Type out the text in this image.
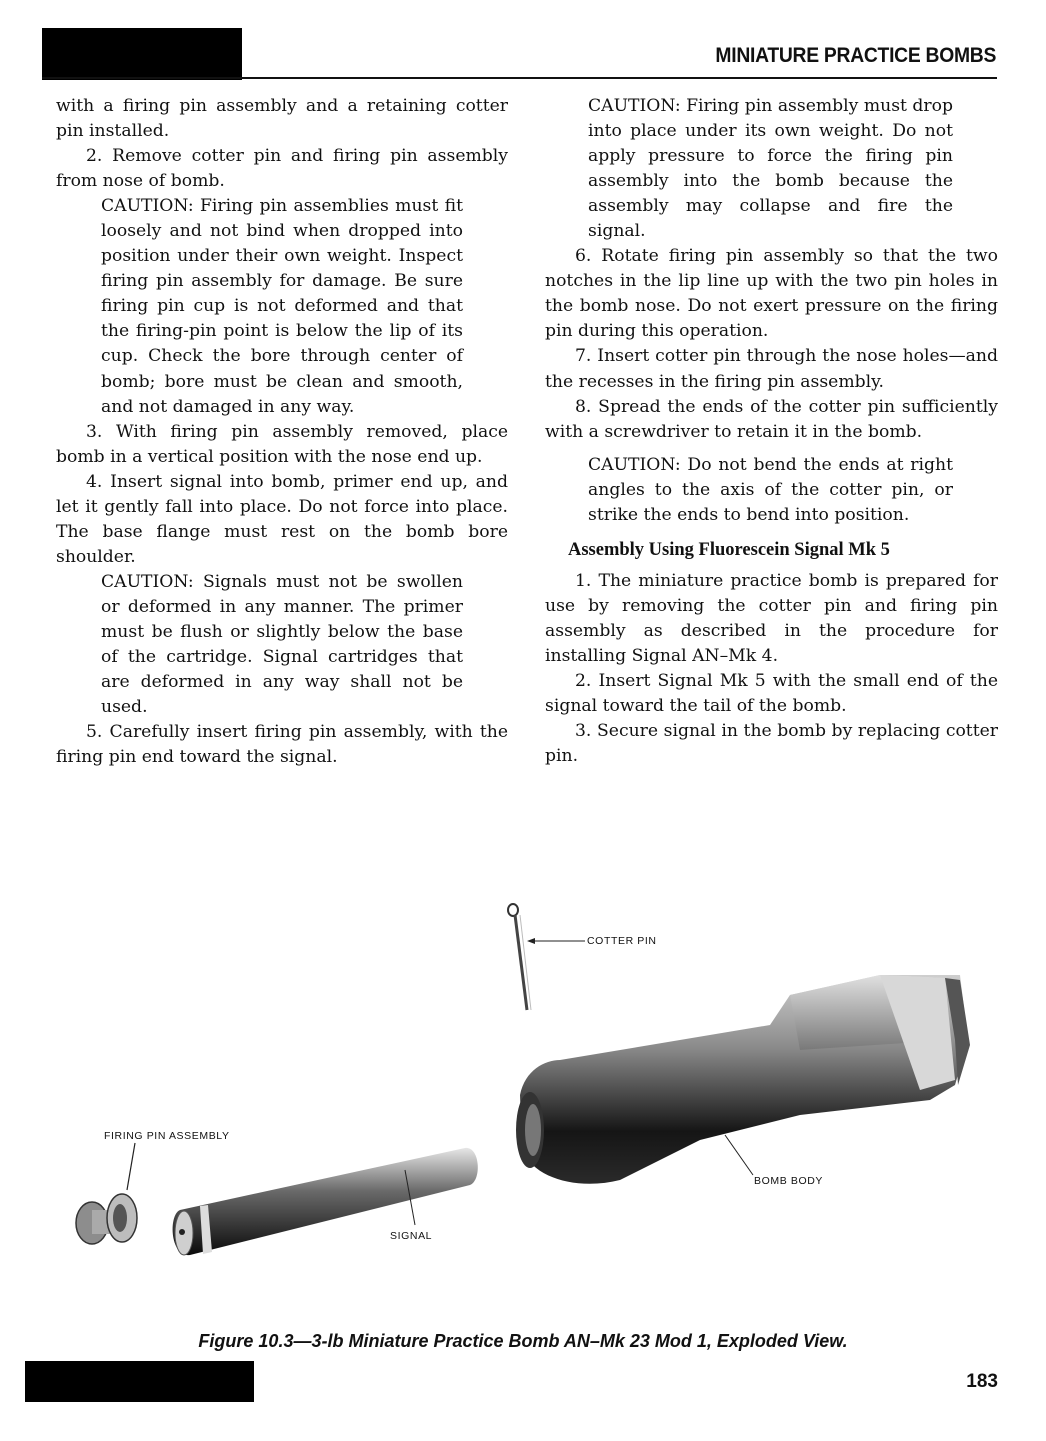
MINIATURE PRACTICE BOMBS

with a firing pin assembly and a retaining cotter pin installed.

2. Remove cotter pin and firing pin assembly from nose of bomb.

CAUTION: Firing pin assemblies must fit loosely and not bind when dropped into position under their own weight. Inspect firing pin assembly for damage. Be sure firing pin cup is not deformed and that the firing-pin point is below the lip of its cup. Check the bore through center of bomb; bore must be clean and smooth, and not damaged in any way.

3. With firing pin assembly removed, place bomb in a vertical position with the nose end up.

4. Insert signal into bomb, primer end up, and let it gently fall into place. Do not force into place. The base flange must rest on the bomb bore shoulder.

CAUTION: Signals must not be swollen or deformed in any manner. The primer must be flush or slightly below the base of the cartridge. Signal cartridges that are deformed in any way shall not be used.

5. Carefully insert firing pin assembly, with the firing pin end toward the signal.

CAUTION: Firing pin assembly must drop into place under its own weight. Do not apply pressure to force the firing pin assembly into the bomb because the assembly may collapse and fire the signal.

6. Rotate firing pin assembly so that the two notches in the lip line up with the two pin holes in the bomb nose. Do not exert pressure on the firing pin during this operation.

7. Insert cotter pin through the nose holes—and the recesses in the firing pin assembly.

8. Spread the ends of the cotter pin sufficiently with a screwdriver to retain it in the bomb.

CAUTION: Do not bend the ends at right angles to the axis of the cotter pin, or strike the ends to bend into position.

Assembly Using Fluorescein Signal Mk 5

1. The miniature practice bomb is prepared for use by removing the cotter pin and firing pin assembly as described in the procedure for installing Signal AN–Mk 4.

2. Insert Signal Mk 5 with the small end of the signal toward the tail of the bomb.

3. Secure signal in the bomb by replacing cotter pin.

COTTER PIN
BOMB BODY
FIRING PIN ASSEMBLY
SIGNAL
Figure 10.3—3-lb Miniature Practice Bomb AN–Mk 23 Mod 1, Exploded View.
183
